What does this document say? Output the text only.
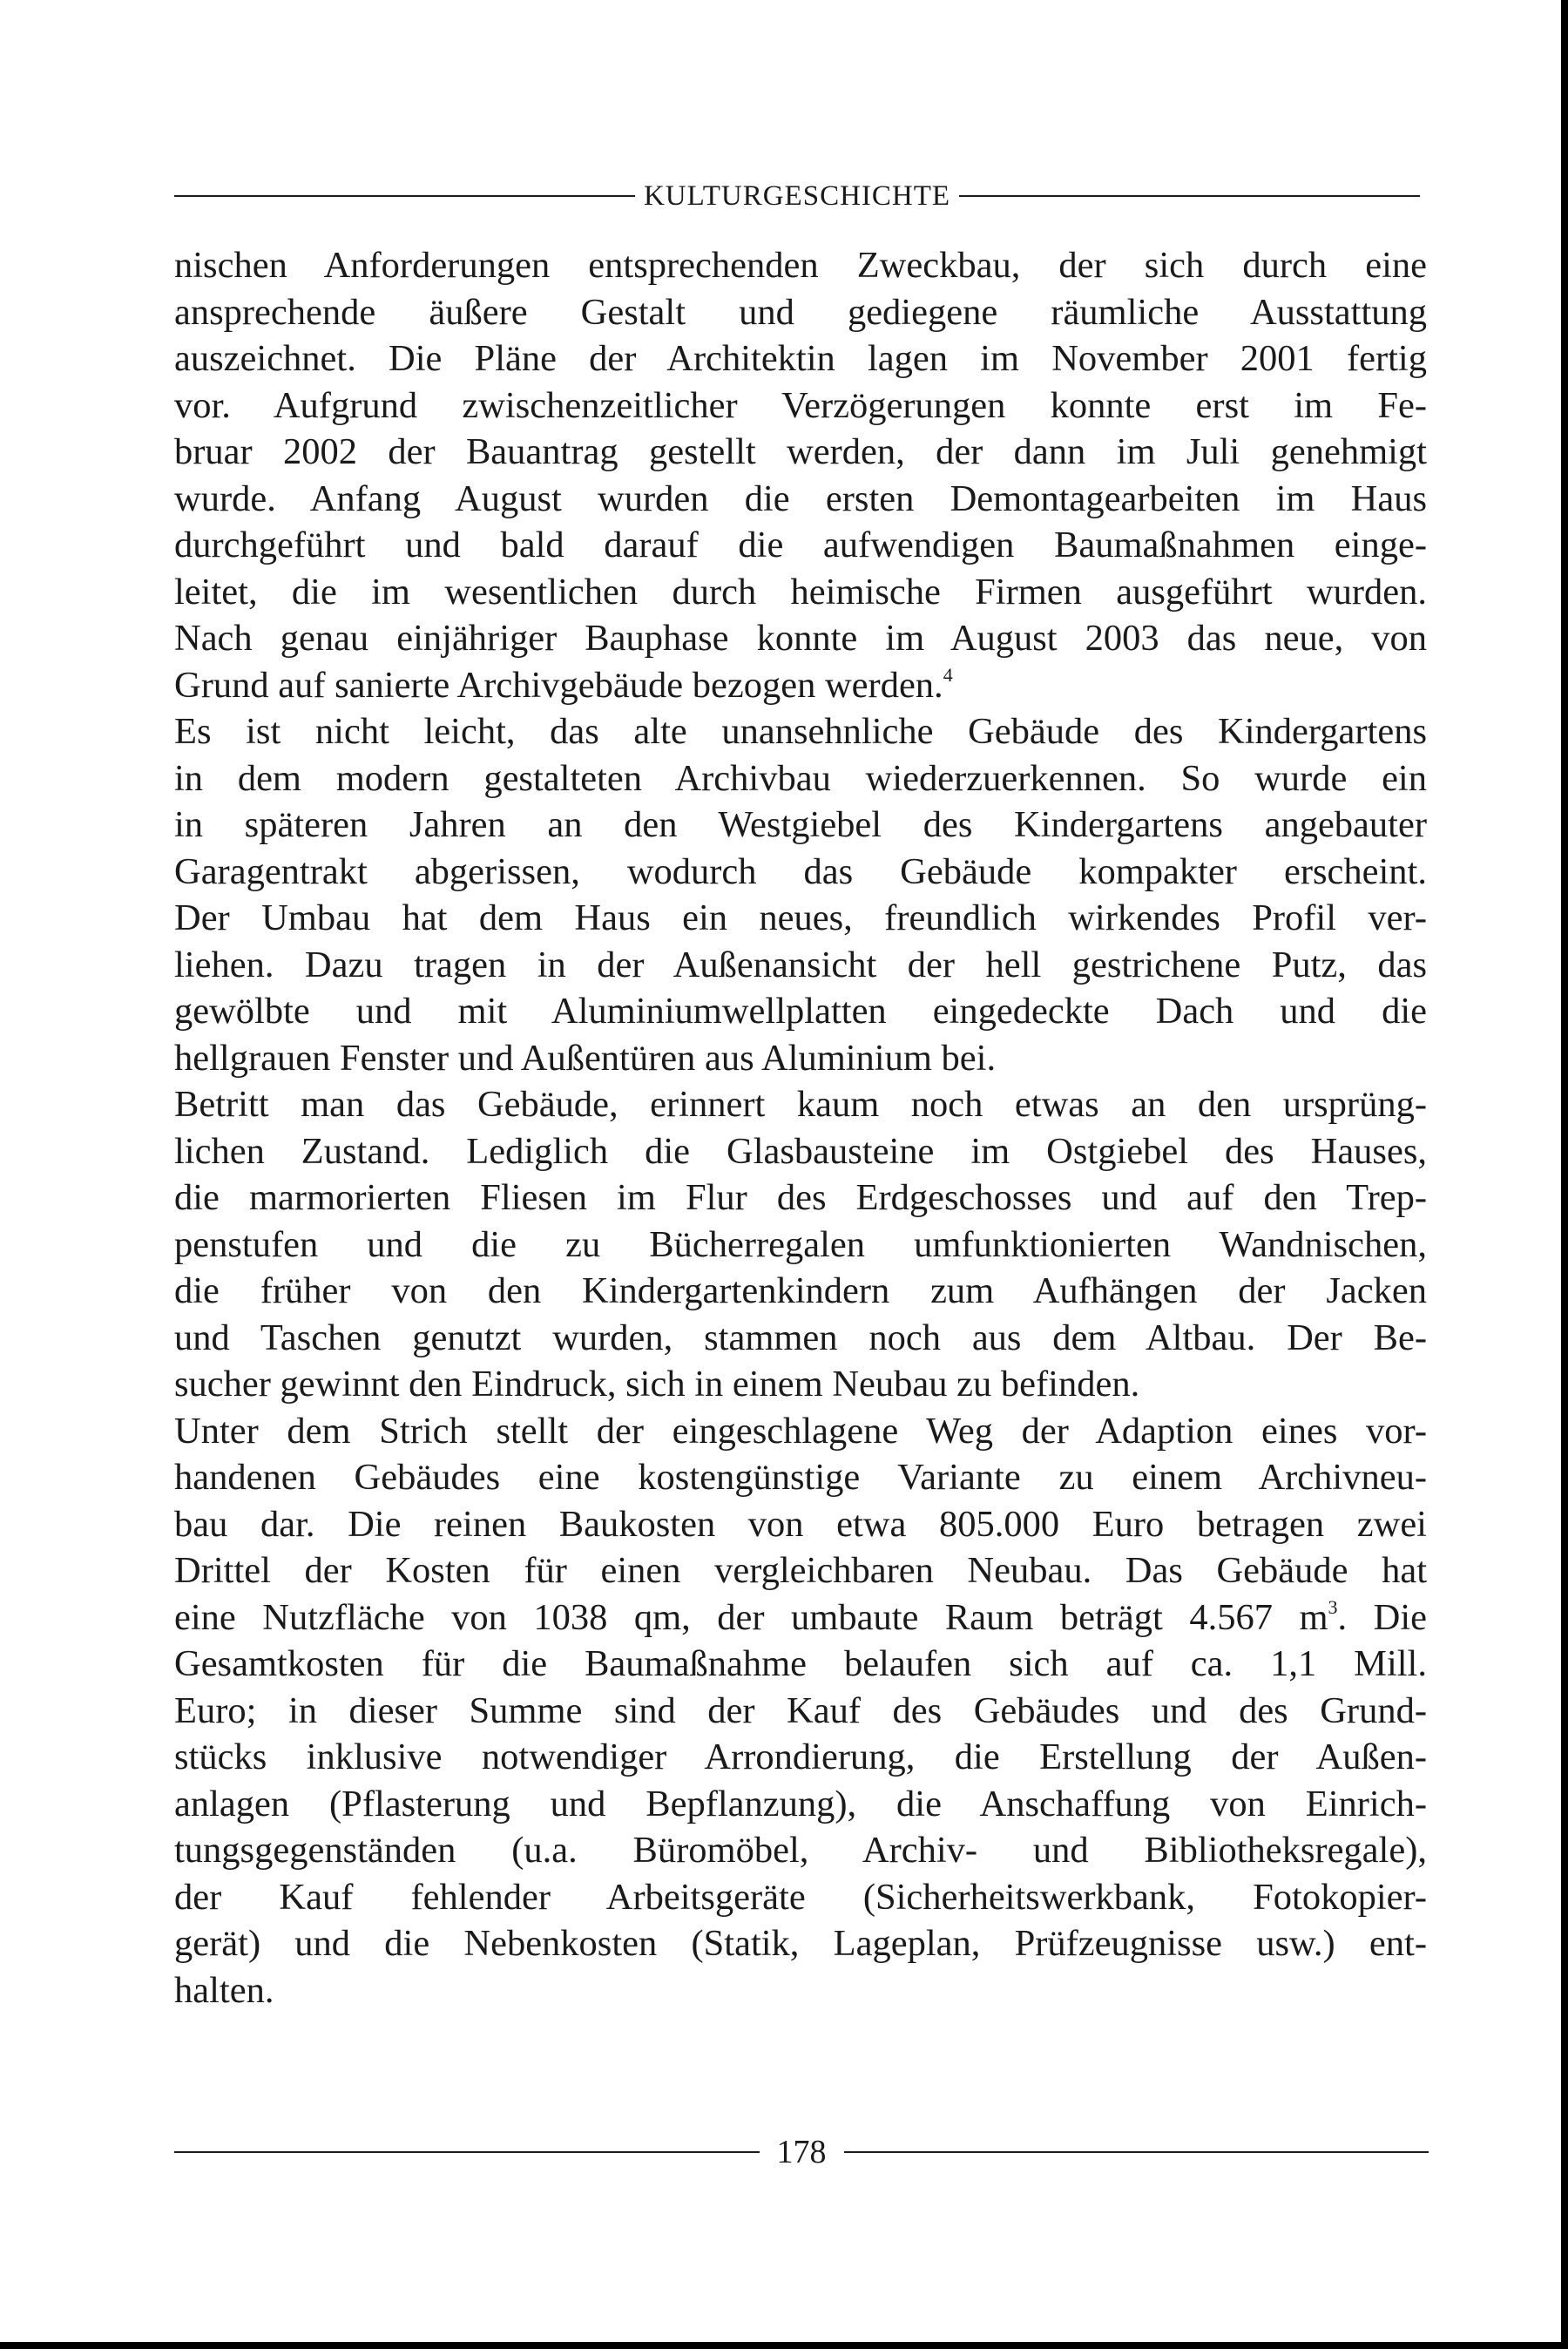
KULTURGESCHICHTE
nischen Anforderungen entsprechenden Zweckbau, der sich durch eine
ansprechende äußere Gestalt und gediegene räumliche Ausstattung
auszeichnet. Die Pläne der Architektin lagen im November 2001 fertig
vor. Aufgrund zwischenzeitlicher Verzögerungen konnte erst im Fe-
bruar 2002 der Bauantrag gestellt werden, der dann im Juli genehmigt
wurde. Anfang August wurden die ersten Demontagearbeiten im Haus
durchgeführt und bald darauf die aufwendigen Baumaßnahmen einge-
leitet, die im wesentlichen durch heimische Firmen ausgeführt wurden.
Nach genau einjähriger Bauphase konnte im August 2003 das neue, von
Grund auf sanierte Archivgebäude bezogen werden.$^4$
Es ist nicht leicht, das alte unansehnliche Gebäude des Kindergartens
in dem modern gestalteten Archivbau wiederzuerkennen. So wurde ein
in späteren Jahren an den Westgiebel des Kindergartens angebauter
Garagentrakt abgerissen, wodurch das Gebäude kompakter erscheint.
Der Umbau hat dem Haus ein neues, freundlich wirkendes Profil ver-
liehen. Dazu tragen in der Außenansicht der hell gestrichene Putz, das
gewölbte und mit Aluminiumwellplatten eingedeckte Dach und die
hellgrauen Fenster und Außentüren aus Aluminium bei.
Betritt man das Gebäude, erinnert kaum noch etwas an den ursprüng-
lichen Zustand. Lediglich die Glasbausteine im Ostgiebel des Hauses,
die marmorierten Fliesen im Flur des Erdgeschosses und auf den Trep-
penstufen und die zu Bücherregalen umfunktionierten Wandnischen,
die früher von den Kindergartenkindern zum Aufhängen der Jacken
und Taschen genutzt wurden, stammen noch aus dem Altbau. Der Be-
sucher gewinnt den Eindruck, sich in einem Neubau zu befinden.
Unter dem Strich stellt der eingeschlagene Weg der Adaption eines vor-
handenen Gebäudes eine kostengünstige Variante zu einem Archivneu-
bau dar. Die reinen Baukosten von etwa 805.000 Euro betragen zwei
Drittel der Kosten für einen vergleichbaren Neubau. Das Gebäude hat
eine Nutzfläche von 1038 qm, der umbaute Raum beträgt 4.567 $m^3$. Die
Gesamtkosten für die Baumaßnahme belaufen sich auf ca. 1,1 Mill.
Euro; in dieser Summe sind der Kauf des Gebäudes und des Grund-
stücks inklusive notwendiger Arrondierung, die Erstellung der Außen-
anlagen (Pflasterung und Bepflanzung), die Anschaffung von Einrich-
tungsgegenständen (u.a. Büromöbel, Archiv- und Bibliotheksregale),
der Kauf fehlender Arbeitsgeräte (Sicherheitswerkbank, Fotokopier-
gerät) und die Nebenkosten (Statik, Lageplan, Prüfzeugnisse usw.) ent-
halten.
178
